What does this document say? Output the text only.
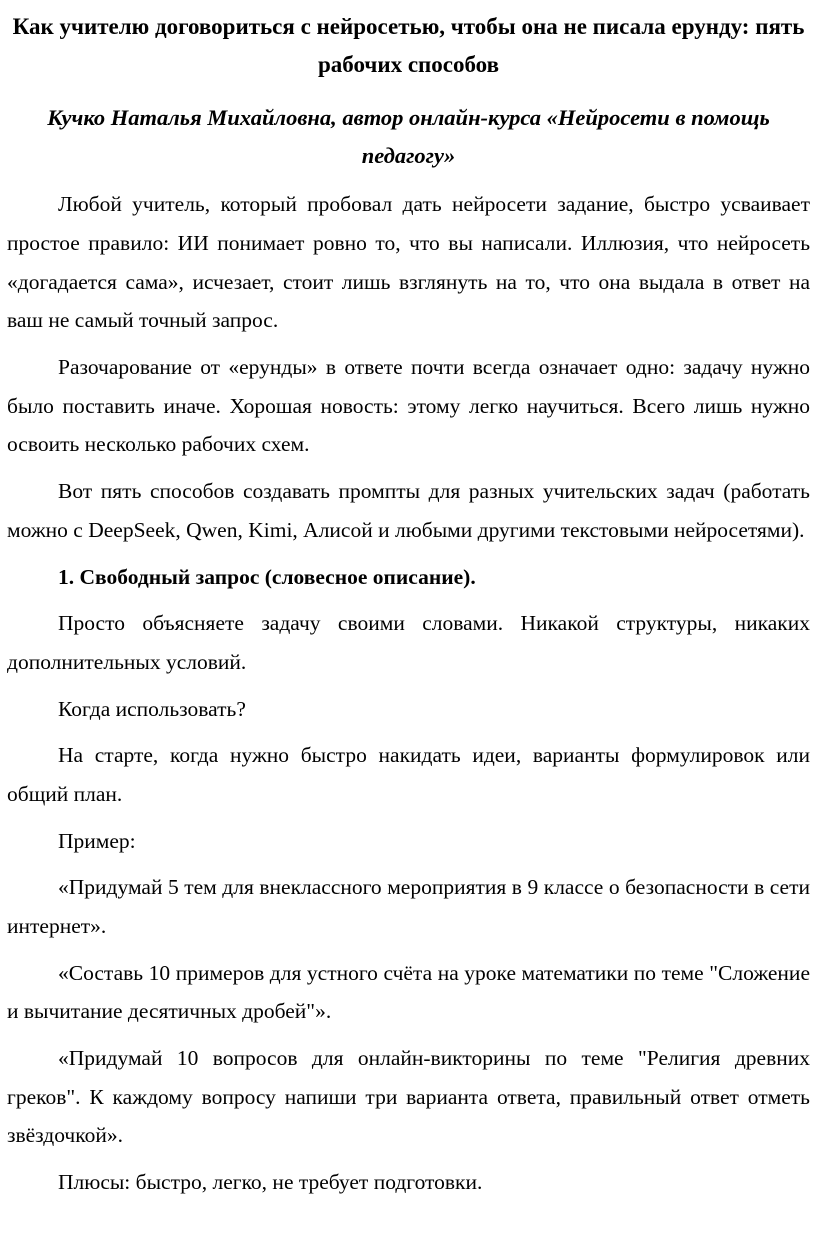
Как учителю договориться с нейросетью, чтобы она не писала ерунду: пять рабочих способов
Кучко Наталья Михайловна, автор онлайн-курса «Нейросети в помощь педагогу»

Любой учитель, который пробовал дать нейросети задание, быстро усваивает простое правило: ИИ понимает ровно то, что вы написали. Иллюзия, что нейросеть «догадается сама», исчезает, стоит лишь взглянуть на то, что она выдала в ответ на ваш не самый точный запрос.

Разочарование от «ерунды» в ответе почти всегда означает одно: задачу нужно было поставить иначе. Хорошая новость: этому легко научиться. Всего лишь нужно освоить несколько рабочих схем.

Вот пять способов создавать промпты для разных учительских задач (работать можно с DeepSeek, Qwen, Kimi, Алисой и любыми другими текстовыми нейросетями).

1. Свободный запрос (словесное описание).

Просто объясняете задачу своими словами. Никакой структуры, никаких дополнительных условий.

Когда использовать?

На старте, когда нужно быстро накидать идеи, варианты формулировок или общий план.

Пример:

«Придумай 5 тем для внеклассного мероприятия в 9 классе о безопасности в сети интернет».

«Составь 10 примеров для устного счёта на уроке математики по теме "Сложение и вычитание десятичных дробей"».

«Придумай 10 вопросов для онлайн-викторины по теме "Религия древних греков". К каждому вопросу напиши три варианта ответа, правильный ответ отметь звёздочкой».

Плюсы: быстро, легко, не требует подготовки.
